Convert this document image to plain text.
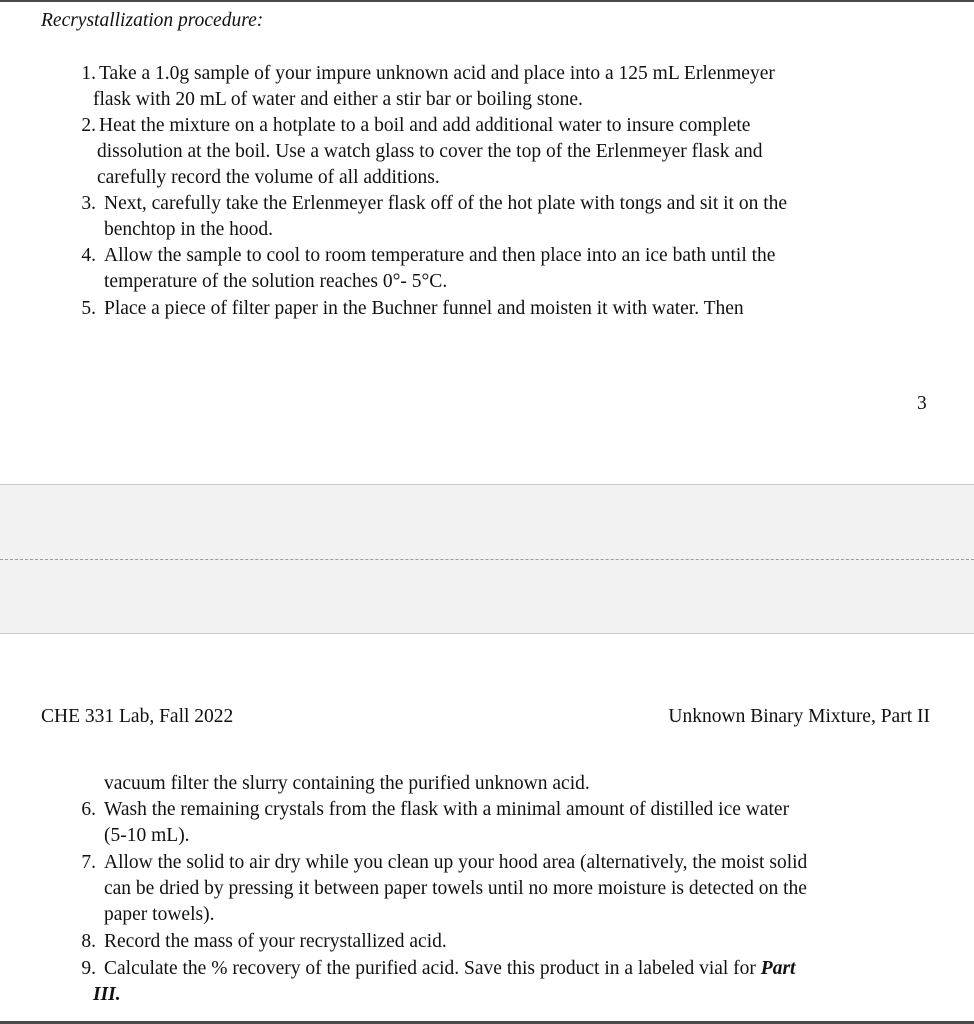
Recrystallization procedure:
1. Take a 1.0g sample of your impure unknown acid and place into a 125 mL Erlenmeyer
flask with 20 mL of water and either a stir bar or boiling stone.
2. Heat the mixture on a hotplate to a boil and add additional water to insure complete
dissolution at the boil. Use a watch glass to cover the top of the Erlenmeyer flask and
carefully record the volume of all additions.
3. Next, carefully take the Erlenmeyer flask off of the hot plate with tongs and sit it on the
benchtop in the hood.
4. Allow the sample to cool to room temperature and then place into an ice bath until the
temperature of the solution reaches 0°- 5°C.
5. Place a piece of filter paper in the Buchner funnel and moisten it with water. Then
3
CHE 331 Lab, Fall 2022	Unknown Binary Mixture, Part II
vacuum filter the slurry containing the purified unknown acid.
6. Wash the remaining crystals from the flask with a minimal amount of distilled ice water
(5-10 mL).
7. Allow the solid to air dry while you clean up your hood area (alternatively, the moist solid
can be dried by pressing it between paper towels until no more moisture is detected on the
paper towels).
8. Record the mass of your recrystallized acid.
9. Calculate the % recovery of the purified acid. Save this product in a labeled vial for Part
III.
